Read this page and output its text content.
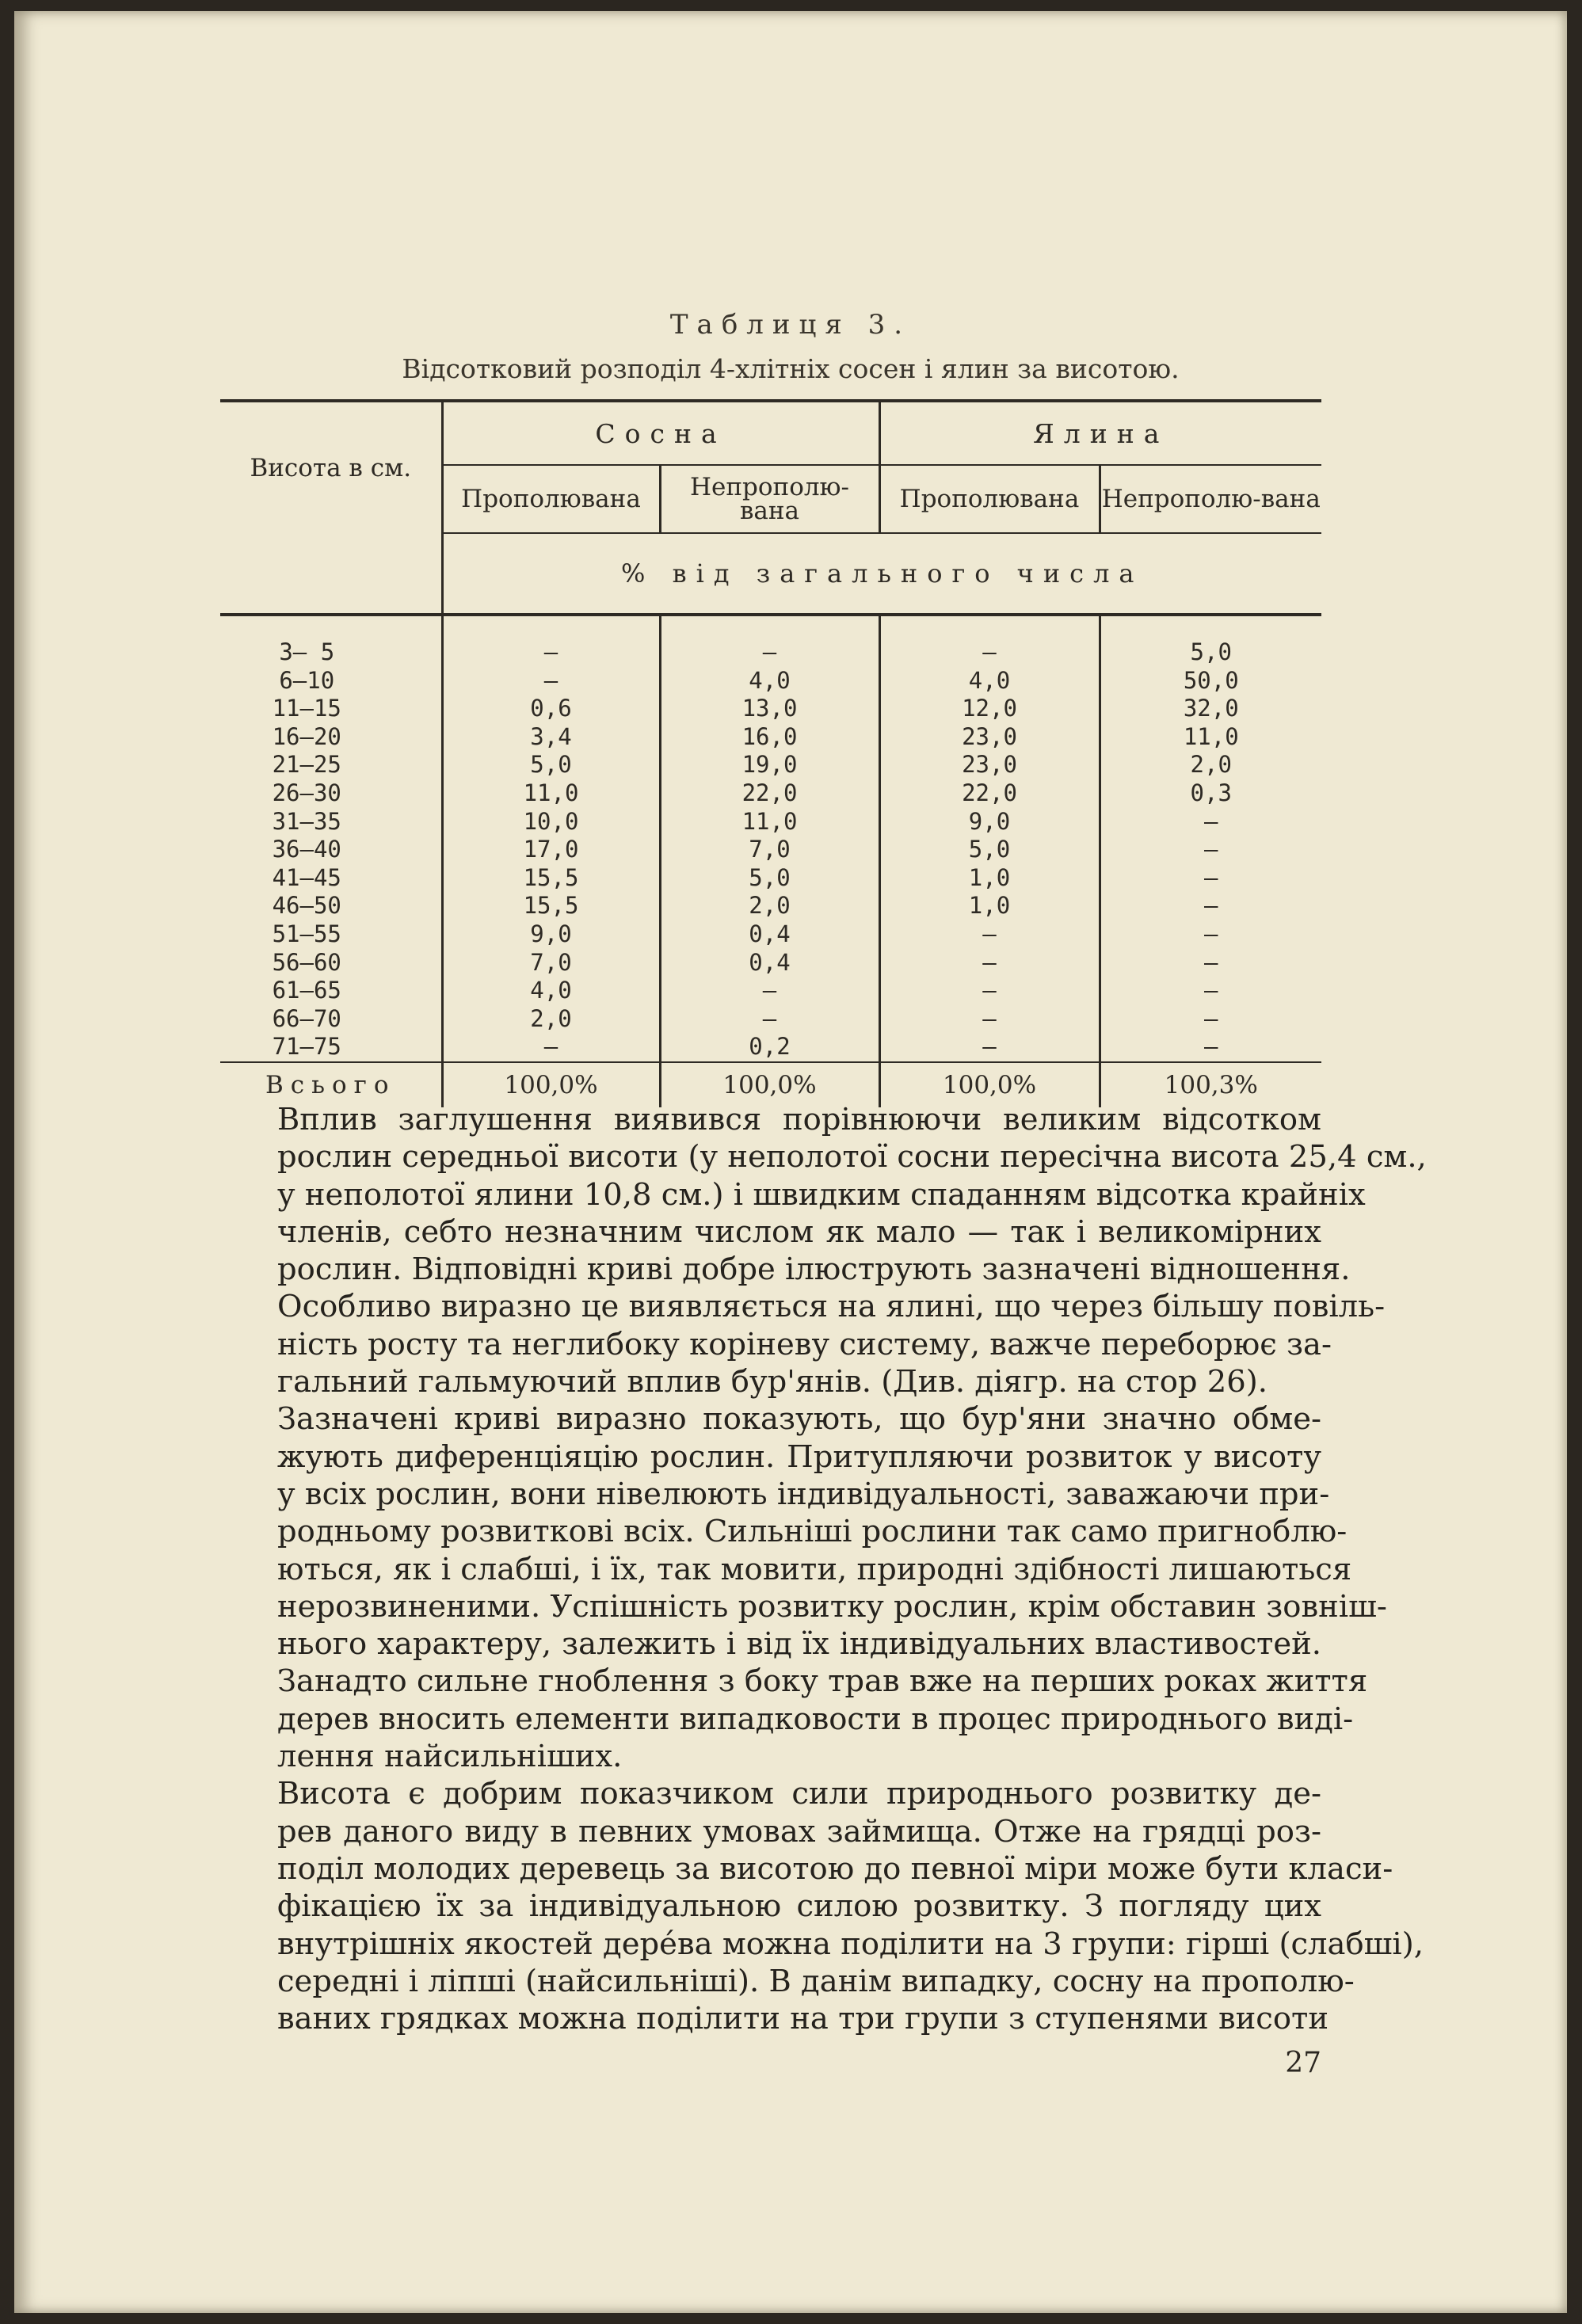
Таблиця 3.
Відсотковий розподіл 4-хлітніх сосен і ялин за висотою.
Висота в см.	Сосна		Ялина	
	Прополювана	Непрополю-вана	Прополювана	Непрополю-вана
	% від загального числа			
3— 5	—	—	—	5,0
6—10	—	4,0	4,0	50,0
11—15	0,6	13,0	12,0	32,0
16—20	3,4	16,0	23,0	11,0
21—25	5,0	19,0	23,0	2,0
26—30	11,0	22,0	22,0	0,3
31—35	10,0	11,0	9,0	—
36—40	17,0	7,0	5,0	—
41—45	15,5	5,0	1,0	—
46—50	15,5	2,0	1,0	—
51—55	9,0	0,4	—	—
56—60	7,0	0,4	—	—
61—65	4,0	—	—	—
66—70	2,0	—	—	—
71—75	—	0,2	—	—
Всього	100,0%	100,0%	100,0%	100,3%
Вплив заглушення виявився порівнюючи великим відсотком
рослин середньої висоти (у неполотої сосни пересічна висота 25,4 см.,
у неполотої ялини 10,8 см.) і швидким спаданням відсотка крайніх
членів, себто незначним числом як мало — так і великомірних
рослин. Відповідні криві добре ілюструють зазначені відношення.
Особливо виразно це виявляється на ялині, що через більшу повіль-
ність росту та неглибоку коріневу систему, важче переборює за-
гальний гальмуючий вплив бур'янів. (Див. діягр. на стор 26).
Зазначені криві виразно показують, що бур'яни значно обме-
жують диференціяцію рослин. Притупляючи розвиток у висоту
у всіх рослин, вони нівелюють індивідуальності, заважаючи при-
родньому розвиткові всіх. Сильніші рослини так само пригноблю-
ються, як і слабші, і їх, так мовити, природні здібності лишаються
нерозвиненими. Успішність розвитку рослин, крім обставин зовніш-
нього характеру, залежить і від їх індивідуальних властивостей.
Занадто сильне гноблення з боку трав вже на перших роках життя
дерев вносить елементи випадковости в процес природнього виді-
лення найсильніших.
Висота є добрим показчиком сили природнього розвитку де-
рев даного виду в певних умовах займища. Отже на грядці роз-
поділ молодих деревець за висотою до певної міри може бути класи-
фікацією їх за індивідуальною силою розвитку. З погляду цих
внутрішніх якостей дерéва можна поділити на 3 групи: гірші (слабші),
середні і ліпші (найсильніші). В данім випадку, сосну на прополю-
ваних грядках можна поділити на три групи з ступенями висоти
27
